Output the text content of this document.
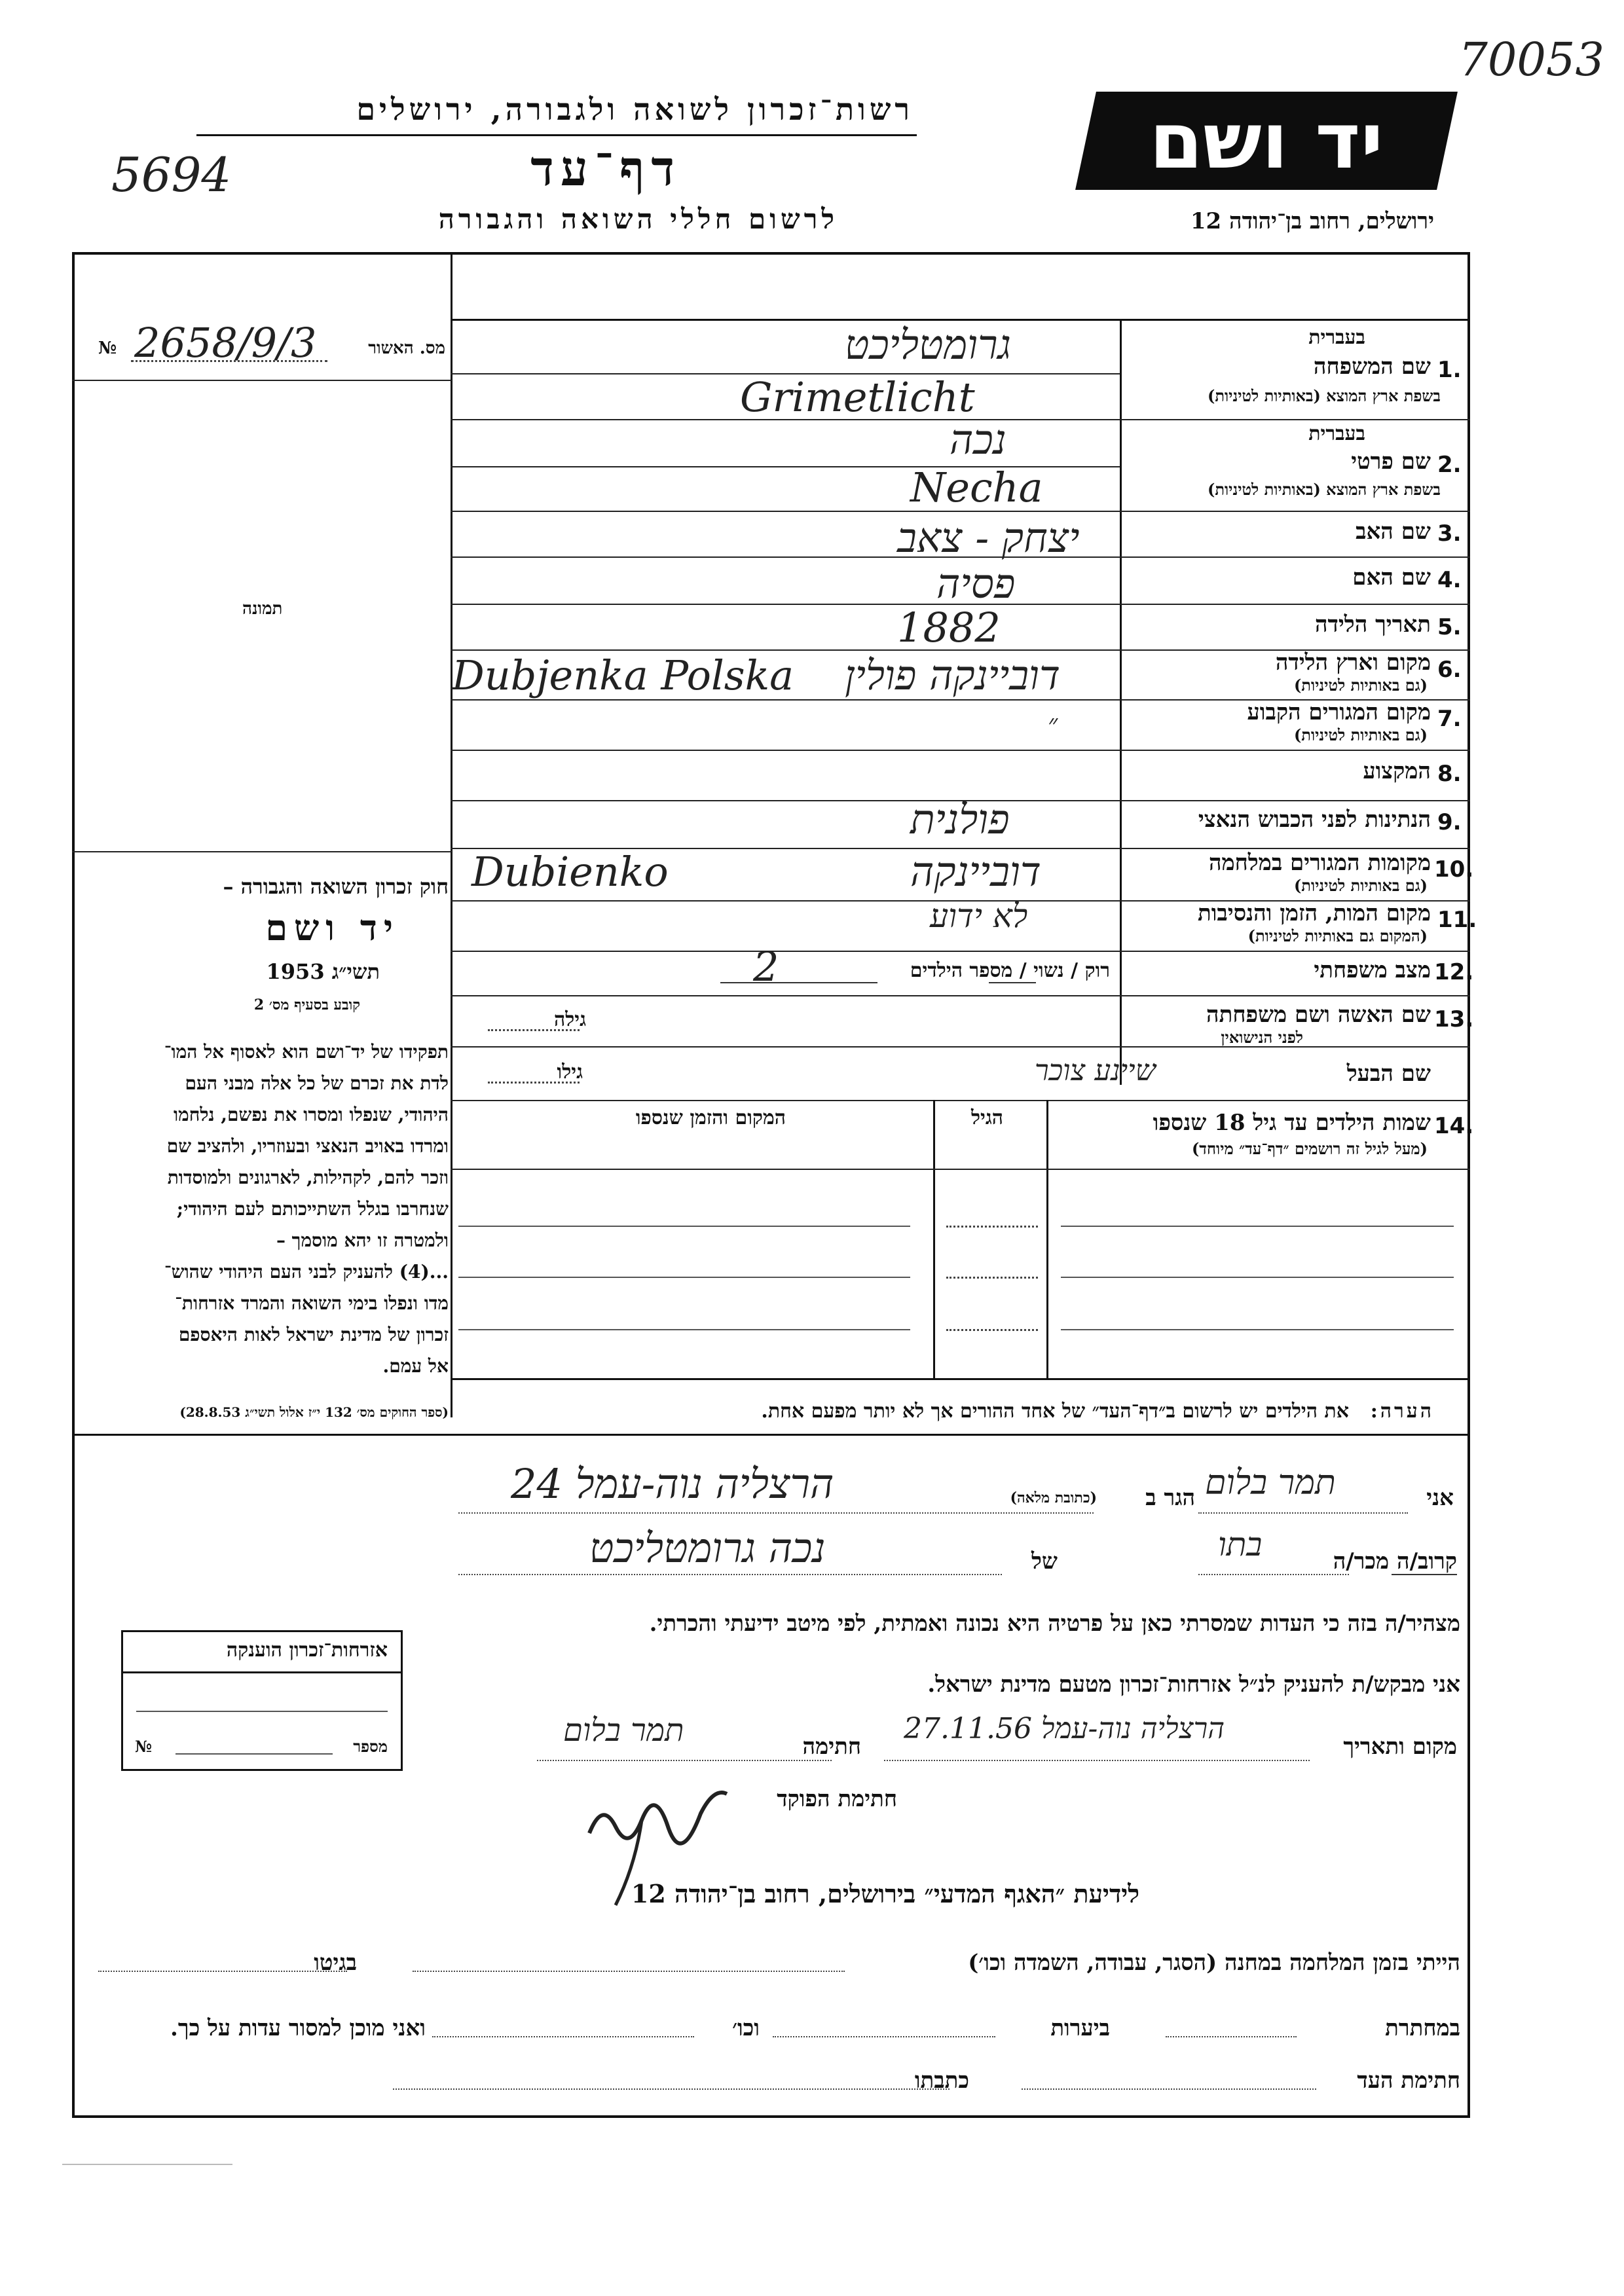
70053
5694	יד ושם
רשות־זכרון לשואה ולגבורה, ירושלים
דף־עד
לרשום חללי השואה והגבורה	ירושלים, רחוב בן־יהודה 12
№ 2658/9/3	מס. האשור
תמונה
חוק זכרון השואה והגבורה –
יד ושם
תשי״ג 1953
קובע בסעיף מס׳ 2
תפקידו של יד־ושם הוא לאסוף אל המו־
לדת את זכרם של כל אלה מבני העם
היהודי, שנפלו ומסרו את נפשם, נלחמו
ומרדו באויב הנאצי ובעוזריו, ולהציב שם
וזכר להם, לקהילות, לארגונים ולמוסדות
שנחרבו בגלל השתייכותם לעם היהודי;
ולמטרה זו יהא מוסמך –
...(4) להעניק לבני העם היהודי שהוש־
מדו ונפלו בימי השואה והמרד אזרחות־
זכרון של מדינת ישראל לאות היאספם
אל עמם.
(ספר החוקים מס׳ 132 י״ז אלול תשי״ג 28.8.53)
בעברית
1.
שם המשפחה
בשפת ארץ המוצא (באותיות לטיניות)
גרומטליכט
Grimetlicht
בעברית
2.
שם פרטי
בשפת ארץ המוצא (באותיות לטיניות)
נכה
Necha
3.
שם האב
יצחק - צאב
4.
שם האם
פסיה
5.
תאריך הלידה
1882
6.
מקום וארץ הלידה
(גם באותיות לטיניות)
Dubjenka Polska דוביינקה פולין
7.
מקום המגורים הקבוע
(גם באותיות לטיניות)
״
8.
המקצוע
9.
הנתינות לפני הכבוש הנאצי
פולנית
10.
מקומות המגורים במלחמה
(גם באותיות לטיניות)
Dubienko	דוביינקה
11.
מקום המות, הזמן והנסיבות
(המקום גם באותיות לטיניות)
לא ידוע
12.
מצב משפחתי
רוק / נשוי / מספר הילדים
2
13.
שם האשה ושם משפחתה
לפני הנישואין
גילה
שם הבעל
שיינע צוכר
גילו
14.
שמות הילדים עד גיל 18 שנספו
(מעל לגיל זה רושמים ״דף־עד״ מיוחד)
הגיל
המקום והזמן שנספו
הערה:
את הילדים יש לרשום ב״דף־העד״ של אחד ההורים אך לא יותר מפעם אחת.
אני
תמר בלום
הגר ב
(כתובת מלאה)
הרצליה נוה-עמל 24
קרוב/ה מכר/ה
בתו
של
נכה גרומטליכט
מצהיר/ה בזה כי העדות שמסרתי כאן על פרטיה היא נכונה ואמתית, לפי מיטב ידיעתי והכרתי.
אני מבקש/ת להעניק לנ״ל אזרחות־זכרון מטעם מדינת ישראל.
מקום ותאריך
הרצליה נוה-עמל 27.11.56
חתימה
תמר בלום
חתימת הפוקד
אזרחות־זכרון הוענקה
מספר
№
לידיעת ״האגף המדעי״ בירושלים, רחוב בן־יהודה 12
הייתי בזמן המלחמה במחנה (הסגר, עבודה, השמדה וכו׳)
בגיטו
במחתרת
ביערות
וכו׳
ואני מוכן למסור עדות על כך.
חתימת העד
כתבתו
